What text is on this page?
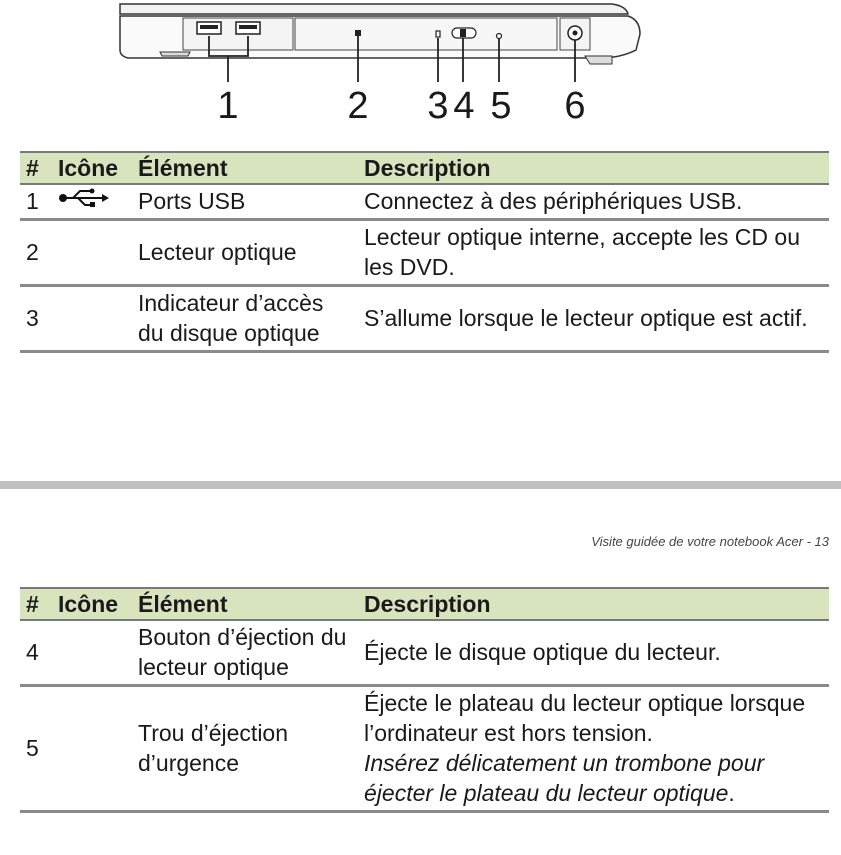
1	2 3 4 5 6
#	Icône	Élément	Description
1		Ports USB	Connectez à des périphériques USB.
2		Lecteur optique	Lecteur optique interne, accepte les CD ou les DVD.
3		Indicateur d’accès du disque optique	S’allume lorsque le lecteur optique est actif.
Visite guidée de votre notebook Acer - 13
#	Icône	Élément	Description
4		Bouton d’éjection du lecteur optique	Éjecte le disque optique du lecteur.
5		Trou d’éjection d’urgence	Éjecte le plateau du lecteur optique lorsque l’ordinateur est hors tension.
Insérez délicatement un trombone pour éjecter le plateau du lecteur optique.
